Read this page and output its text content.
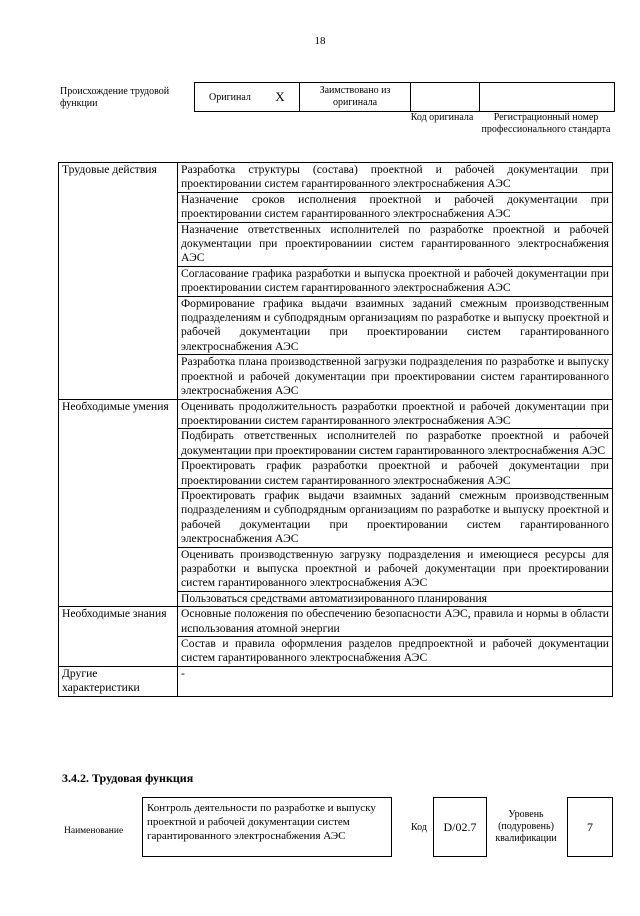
18
Происхождение трудовой функции
Оригинал	X	Заимствовано из оригинала		
Код оригинала	Регистрационный номер профессионального стандарта
Трудовые действия	Разработка структуры (состава) проектной и рабочей документации при проектировании систем гарантированного электроснабжения АЭС
	Назначение сроков исполнения проектной и рабочей документации при проектировании систем гарантированного электроснабжения АЭС
	Назначение ответственных исполнителей по разработке проектной и рабочей документации при проектированиии систем гарантированного электроснабжения АЭС
	Согласование графика разработки и выпуска проектной и рабочей документации при проектировании систем гарантированного электроснабжения АЭС
	Формирование графика выдачи взаимных заданий смежным производственным подразделениям и субподрядным организациям по разработке и выпуску проектной и рабочей документации при проектировании систем гарантированного электроснабжения АЭС
	Разработка плана производственной загрузки подразделения по разработке и выпуску проектной и рабочей документации при проектировании систем гарантированного электроснабжения АЭС
Необходимые умения	Оценивать продолжительность разработки проектной и рабочей документации при проектировании систем гарантированного электроснабжения АЭС
	Подбирать ответственных исполнителей по разработке проектной и рабочей документации при проектировании систем гарантированного электроснабжения АЭС
	Проектировать график разработки проектной и рабочей документации при проектировании систем гарантированного электроснабжения АЭС
	Проектировать график выдачи взаимных заданий смежным производственным подразделениям и субподрядным организациям по разработке и выпуску проектной и рабочей документации при проектировании систем гарантированного электроснабжения АЭС
	Оценивать производственную загрузку подразделения и имеющиеся ресурсы для разработки и выпуска проектной и рабочей документации при проектировании систем гарантированного электроснабжения АЭС
	Пользоваться средствами автоматизированного планирования
Необходимые знания	Основные положения по обеспечению безопасности АЭС, правила и нормы в области использования атомной энергии
	Состав и правила оформления разделов предпроектной и рабочей документации систем гарантированного электроснабжения АЭС
Другие характеристики	-
3.4.2. Трудовая функция
Наименование
Контроль деятельности по разработке и выпуску проектной и рабочей документации систем гарантированного электроснабжения АЭС
Код	D/02.7
Уровень (подуровень) квалификации
7
